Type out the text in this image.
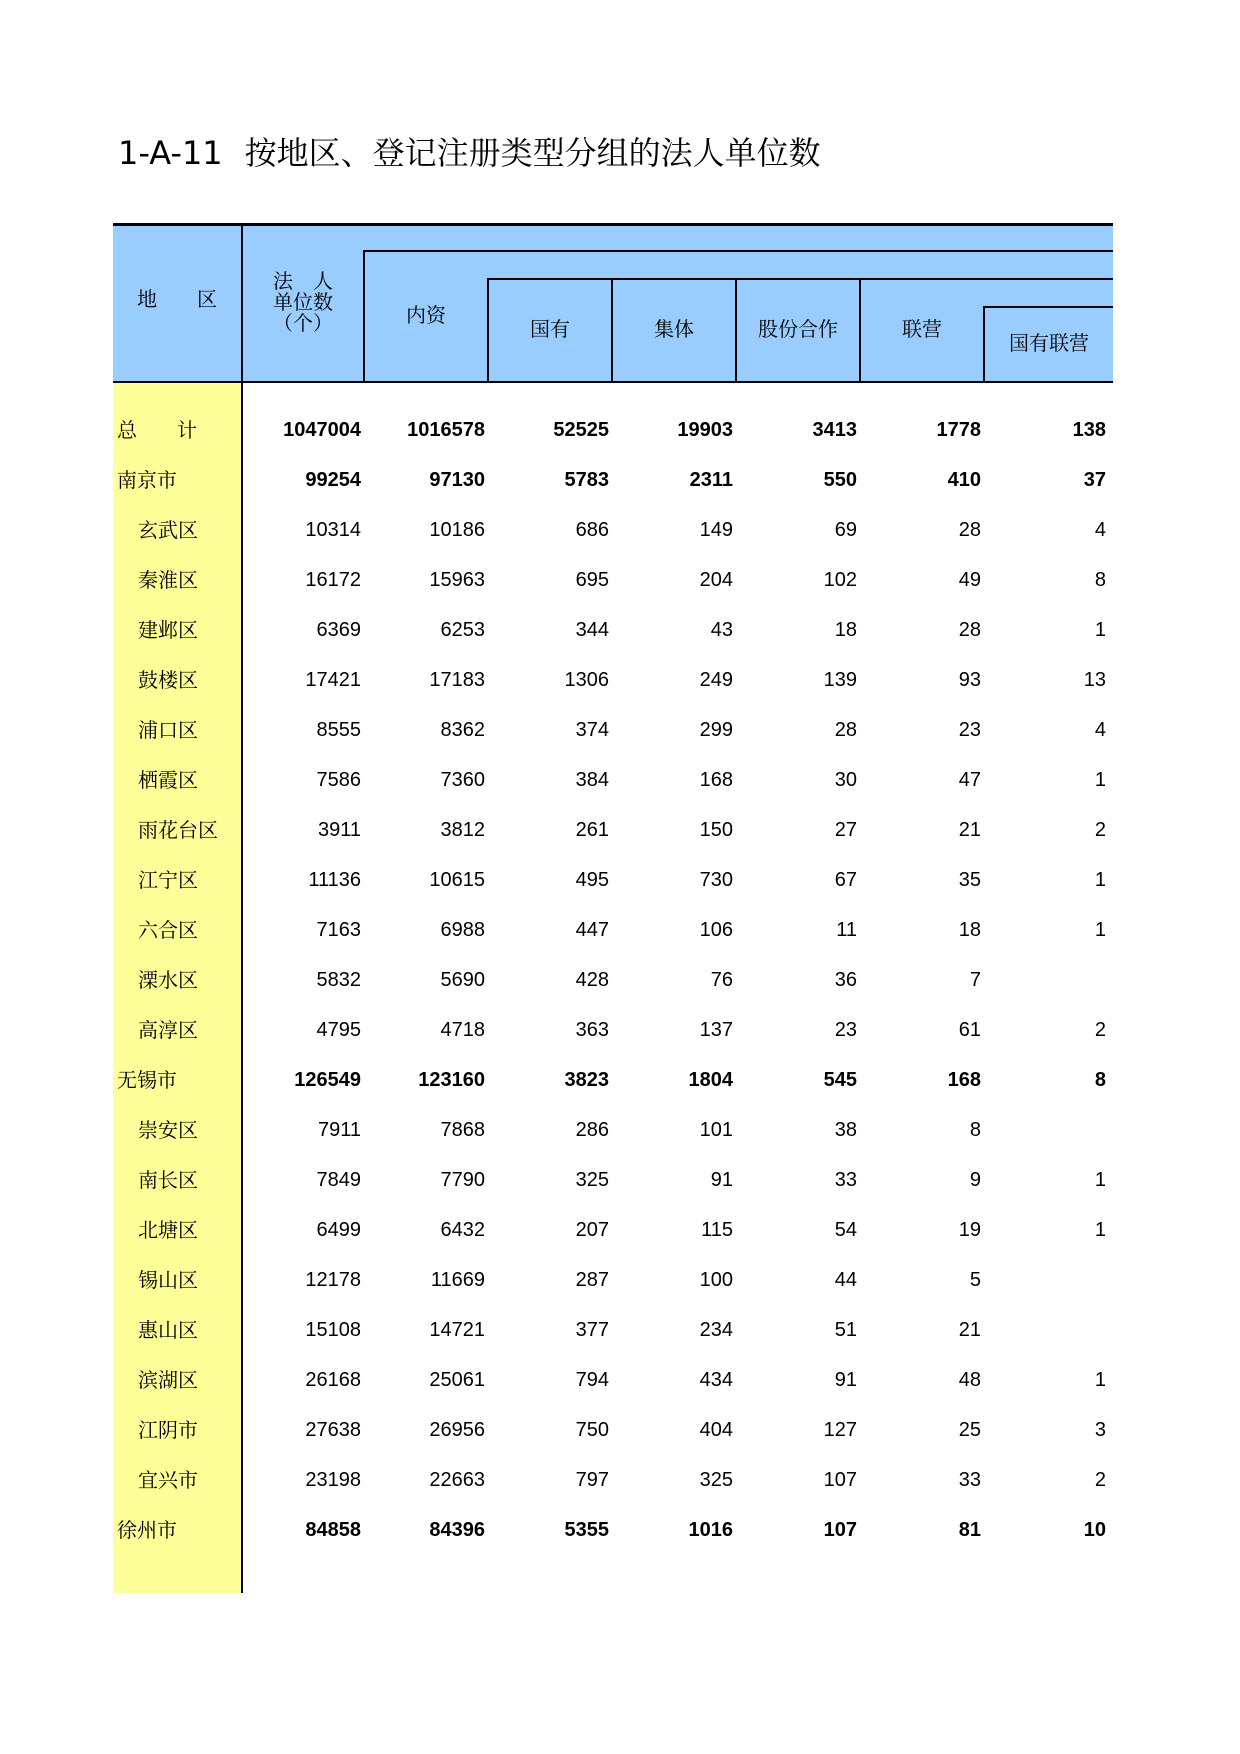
1-A-11 按地区、登记注册类型分组的法人单位数
地　　区
法　人
单位数
（个）	内资
国有	集体	股份合作	联营
国有联营
总　　计	1047004	1016578	52525	19903	3413	1778	138
南京市	99254	97130	5783	2311	550	410	37
玄武区	10314	10186	686	149	69	28	4
秦淮区	16172	15963	695	204	102	49	8
建邺区	6369	6253	344	43	18	28	1
鼓楼区	17421	17183	1306	249	139	93	13
浦口区	8555	8362	374	299	28	23	4
栖霞区	7586	7360	384	168	30	47	1
雨花台区	3911	3812	261	150	27	21	2
江宁区	11136	10615	495	730	67	35	1
六合区	7163	6988	447	106	11	18	1
溧水区	5832	5690	428	76	36	7
高淳区	4795	4718	363	137	23	61	2
无锡市	126549	123160	3823	1804	545	168	8
崇安区	7911	7868	286	101	38	8
南长区	7849	7790	325	91	33	9	1
北塘区	6499	6432	207	115	54	19	1
锡山区	12178	11669	287	100	44	5
惠山区	15108	14721	377	234	51	21
滨湖区	26168	25061	794	434	91	48	1
江阴市	27638	26956	750	404	127	25	3
宜兴市	23198	22663	797	325	107	33	2
徐州市	84858	84396	5355	1016	107	81	10
